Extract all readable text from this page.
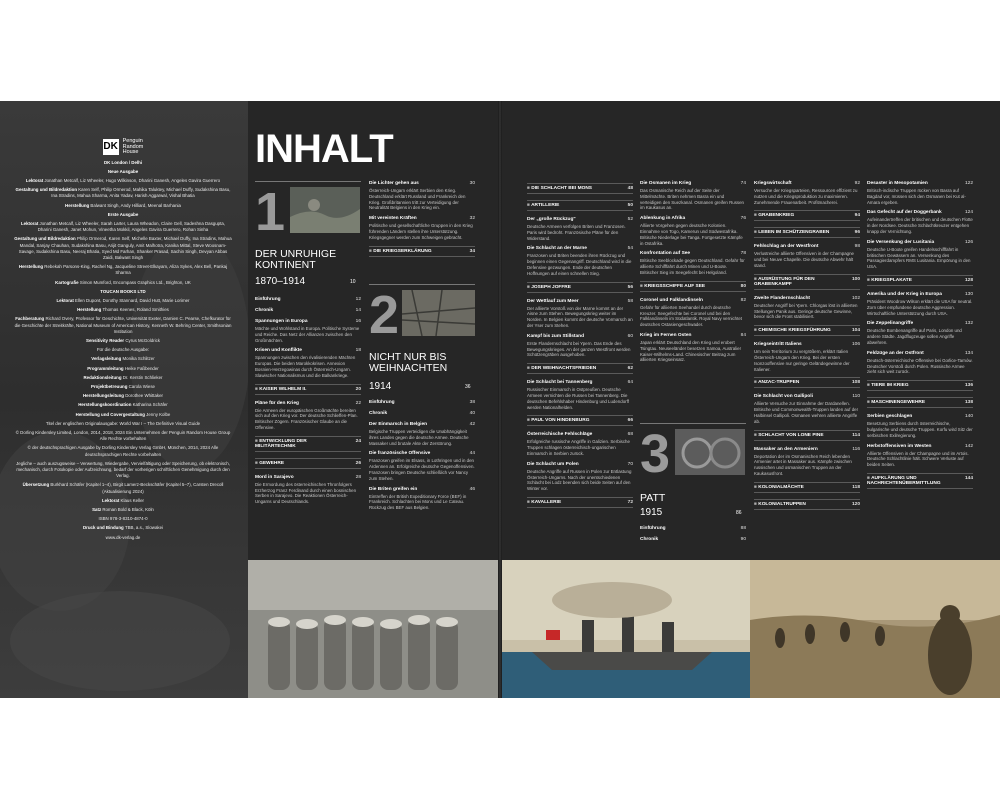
DK
Penguin
Random
House

DK London / Delhi

Neue Ausgabe

Lektorat Jonathan Metcalf, Liz Wheeler, Hugo Wilkinson, Dharini Ganesh, Angeles Gavira Guerrero

Gestaltung und Bildredaktion Karen Self, Philip Ormerod, Mahika Taluktey, Michael Duffy, Sudakshina Basu, Ina Stradins, Mahua Sharma, Anita Yadav, Harish Aggarwal, Vishal Bhatia

Herstellung Balwant Singh, Andy Hilliard, Meenal Barhania

Erste Ausgabe

Lektorat Jonathan Metcalf, Liz Wheeler, Sarah Larter, Laura Wheadon, Claire Gell, Sadeshna Dasgupta, Dharini Ganesh, Janet Mohun, Vineetha Mokkil, Angeles Gavira Guerrero, Rohan Sinha

Gestaltung und Bildredaktion Philip Ormerod, Karen Self, Michelle Baxter, Michael Duffy, Ina Stradins, Mahua Mandal, Sanjay Chauhan, Sudakshina Basu, Arijit Ganguly, Amit Malhotra, Kanika Mittal, Steve Woosnam-Savage, Sudakshina Basu, Neeraj Bhatia, Syed Md Farhan, Shanker Prasad, Sachin Singh, Devyan Abbas Zaidi, Balwant Singh

Herstellung Rebekah Parsons-King, Rachel Ng, Jacqueline Street-Elkayam, Aliza Sykes, Alex Bell, Pankaj Sharma

Kartografie Simon Mumford, Encompass Graphics Ltd., Brighton, UK

TOUCAN BOOKS LTD

Lektorat Ellen Dupont, Dorothy Stannard, David Hutt, Marie Lorimer

Herstellung Thomas Keenes, Roland Smithies

Fachberatung Richard Overy, Professor für Geschichte, Universität Exeter, Damien C. Pearse, Chefkurator für die Geschichte der Streitkräfte, National Museum of American History, Kenneth W. Behring Center, Smithsonian Institution

Sensitivity Reader Cyrus McGoldrick

Für die deutsche Ausgabe:

Verlagsleitung Monika Schlitzer

Programmleitung Heike Faßbender

Redaktionsleitung Dr. Kerstin Schlieker

Projektbetreuung Carola Wiese

Herstellungsleitung Dorothee Whittaker

Herstellungskoordination Katharina Schäfer

Herstellung und Covergestaltung Jenny Kolbe

Titel der englischen Originalausgabe: World War I – The Definitive Visual Guide

© Dorling Kindersley Limited, London, 2014, 2018, 2024 Ein Unternehmen der Penguin Random House Group Alle Rechte vorbehalten

© der deutschsprachigen Ausgabe by Dorling Kindersley Verlag GmbH, München, 2014, 2024 Alle deutschsprachigen Rechte vorbehalten

Jegliche – auch auszugsweise – Verwertung, Wiedergabe, Vervielfältigung oder Speicherung, ob elektronisch, mechanisch, durch Fotokopie oder Aufzeichnung, bedarf der vorherigen schriftlichen Genehmigung durch den Verlag.

Übersetzung Burkhard Schäfer (Kapitel 1–4), Birgit Lamerz-Beckschäfer (Kapitel 5–7), Carsten Drecoll (Aktualisierung 2024)

Lektorat Klaus Keller

Satz Roman Bold & Black, Köln

ISBN 978-3-8310-4874-0

Druck und Bindung TBB, a.s., Slowakei

www.dk-verlag.de

INHALT
1
DER UNRUHIGE KONTINENT
1870–1914	10
Einführung	12
Chronik	14
Spannungen in Europa	16
Mächte und Wohlstand in Europa. Politische Systeme und Reiche. Das Netz der Allianzen zwischen den Großmächten.
Krisen und Konflikte	18
Spannungen zwischen den rivalisierenden Mächten Europas. Die beiden Marokkokrisen. Annexion Bosnien-Herzegowinas durch Österreich-Ungarn. Slawischer Nationalismus und die Balkankriege.
■ KAISER WILHELM II.	20
Pläne für den Krieg	22
Die Armeen der europäischen Großmächte bereiten sich auf den Krieg vor. Der deutsche Schlieffen-Plan. Britischer Zögern. Französischer Glaube an die Offensive.
■ ENTWICKLUNG DER MILITÄRTECHNIK
24
■ GEWEHRE	26
Mord in Sarajevo	28
Die Ermordung des österreichischen Thronfolgers Erzherzog Franz Ferdinand durch einen bosnischen Serben in Sarajevo. Die Reaktionen Österreich-Ungarns und Deutschlands.
Die Lichter gehen aus	30
Österreich-Ungarn erklärt Serbien den Krieg. Deutschland erklärt Russland und Frankreich den Krieg. Großbritannien tritt zur Verteidigung der Neutralität Belgiens in den Krieg ein.
Mit vereinten Kräften	32
Politische und gesellschaftliche Gruppen in den Krieg führenden Ländern stellen ihre Unterstützung. Kriegsgegner werden zum Schweigen gebracht.
■ DIE KRIEGSERKLÄRUNG	34
2
NICHT NUR BIS WEIHNACHTEN
1914	36
Einführung	38
Chronik	40
Der Einmarsch in Belgien	42
Belgische Truppen verteidigen die Unabhängigkeit ihres Landes gegen die deutsche Armee. Deutsche Massaker und brutale Akte der Zerstörung.
Die französische Offensive	44
Franzosen greifen im Elsass, in Lothringen und in den Ardennen an. Erfolgreiche deutsche Gegenoffensiven. Franzosen bringen Deutsche schließlich vor Nancy zum Stehen.
Die Briten greifen ein	46
Eintreffen der British Expeditionary Force (BEF) in Frankreich. Schlachten bei Mons und Le Cateau. Rückzug des BEF aus Belgien.
■ DIE SCHLACHT BEI MONS	48
■ ARTILLERIE	50
Der „große Rückzug"	52
Deutsche Armeen verfolgen Briten und Franzosen. Paris wird bedroht. Französische Pläne für den Widerstand.
Die Schlacht an der Marne	54
Franzosen und Briten beenden ihren Rückzug und beginnen einen Gegenangriff. Deutschland wird in die Defensive gezwungen. Ende der deutschen Hoffnungen auf einen schnellen Sieg.
■ JOSEPH JOFFRE	56
Der Wettlauf zum Meer	58
Der alliierte Vorstoß von der Marne kommt an der Aisne zum Stehen. Bewegungskrieg weiter im Norden. In Belgien kommt der deutsche Vormarsch an der Yser zum Stehen.
Kampf bis zum Stillstand	60
Erste Flandernschlacht bei Ypern. Das Ende des Bewegungskrieges. An der ganzen Westfront werden Schützengräben ausgehoben.
■ DER WEIHNACHTSFRIEDEN	62
Die Schlacht bei Tannenberg	64
Russischer Einmarsch in Ostpreußen. Deutsche Armeen vernichten die Russen bei Tannenberg. Die deutschen Befehlshaber Hindenburg und Ludendorff werden Nationalhelden.
■ PAUL VON HINDENBURG	66
Österreichische Fehlschläge	68
Erfolgreiche russische Angriffe in Galizien. Serbische Truppen schlagen österreichisch-ungarischen Einmarsch in Serbien zurück.
Die Schlacht um Polen	70
Deutsche Angriffe auf Russen in Polen zur Entlastung Österreich-Ungarns. Nach der unentschiedenen Schlacht bei Lodz beenden sich beide Seiten auf den Winter vor.
■ KAVALLERIE	72
Die Osmanen im Krieg	74
Das Osmanische Reich auf der Seite der Mittelmächte. Briten nehmen Basra ein und verteidigen den Suezkanal. Osmanen greifen Russen im Kaukasus an.
Ablenkung in Afrika	76
Alliierte Vorgehen gegen deutsche Kolonien. Einnahme von Togo, Kamerun und Südwestafrika. Britische Niederlage bei Tanga. Fortgesetzte Kämpfe in Ostafrika.
Konfrontation auf See	78
Britische Seeblockade gegen Deutschland. Gefahr für alliierte Schifffahrt durch Minen und U-Boote. Britischer Sieg im Seegefecht bei Helgoland.
■ KRIEGSSCHIFFE AUF SEE	80
Coronel und Falklandinseln	82
Gefahr für alliierten Seehandel durch deutsche Kreuzer. Seegefechte bei Coronel und bei den Falklandinseln im Südatlantik. Royal Navy vernichtet deutsches Ostasiengeschwader.
Krieg im Fernen Osten	84
Japan erklärt Deutschland den Krieg und erobert Tsingtau. Neuseeländer besetzen Samoa, Australier Kaiser-Wilhelms-Land. Chinesischer Beitrag zum alliierten Kriegseinsatz.
3
PATT
1915	86
Einführung	88
Chronik	90
Kriegswirtschaft	92
Versuche der Kriegsparteien, Ressourcen effizient zu nutzen und die Kriegsproduktion zu maximieren. Zunehmende Frauenarbeit. Profitmacherei.
■ GRABENKRIEG	94
■ LEBEN IM SCHÜTZENGRABEN	96
Fehlschlag an der Westfront	98
Verlustreiche alliierte Offensiven in der Champagne und bei Neuve Chapelle. Die deutsche Abwehr hält stand.
■ AUSRÜSTUNG FÜR DEN GRABENKAMPF
100
Zweite Flandernschlacht	102
Deutscher Angriff bei Ypern. Chlorgas löst in alliierten Stellungen Panik aus. Geringe deutsche Gewinne, bevor sich die Front stabilisiert.
■ CHEMISCHE KRIEGSFÜHRUNG	104
Kriegseintritt Italiens	106
Um sein Territorium zu vergrößern, erklärt Italien Österreich-Ungarn den Krieg. Bei der ersten Isonzooffensive nur geringe Geländegewinne der Italiener.
■ ANZAC-TRUPPEN	108
Die Schlacht von Gallipoli	110
Alliierte Versuche zur Einnahme der Dardanellen. Britische und Commonwealth-Truppen landen auf der Halbinsel Gallipoli. Osmanen wehren alliierte Angriffe ab.
■ SCHLACHT VON LONE PINE	114
Massaker an den Armeniern	116
Deportation der im Osmanischen Reich lebenden Armenier artet in Massaker aus. Kämpfe zwischen russischen und osmanischen Truppen an der Kaukasusfront.
■ KOLONIALMÄCHTE	118
■ KOLONIALTRUPPEN	120
Desaster in Mesopotamien	122
Britisch-indische Truppen rücken von Basra auf Bagdad vor, müssen sich den Osmanen bei Kut al-Amara ergeben.
Das Gefecht auf der Doggerbank	124
Aufeinandertreffen der britischen und deutschen Flotte in der Nordsee. Deutsche Schlachtkreuzer entgehen knapp der Vernichtung.
Die Versenkung der Lusitania	126
Deutsche U-Boote greifen Handelsschifffahrt in britischen Gewässern an. Versenkung des Passagierdampfers RMS Lusitania. Empörung in den USA.
■ KRIEGSPLAKATE	128
Amerika und der Krieg in Europa	130
Präsident Woodrow Wilson erklärt die USA für neutral. Zorn über empfundene deutsche Aggression. Wirtschaftliche Unterstützung durch USA.
Die Zeppelinangriffe	132
Deutsche Bombenangriffe auf Paris, London und andere Städte. Jagdflugzeuge sollen Angriffe abwehren.
Feldzüge an der Ostfront	134
Deutsch-österreichische Offensive bei Gorlice-Tarnów. Deutscher Vorstoß durch Polen. Russische Armee zieht sich weit zurück.
■ TIERE IM KRIEG	136
■ MASCHINENGEWEHRE	138
Serbien geschlagen	140
Besetzung Serbiens durch österreichische, bulgarische und deutsche Truppen. Korfu wird Sitz der serbischen Exilregierung.
Herbstoffensiven im Westen	142
Alliierte Offensiven in der Champagne und im Artois. Deutsche Schlachtlinie hält. Schwere Verluste auf beiden Seiten.
■ AUFKLÄRUNG UND NACHRICHTENÜBERMITTLUNG
144
